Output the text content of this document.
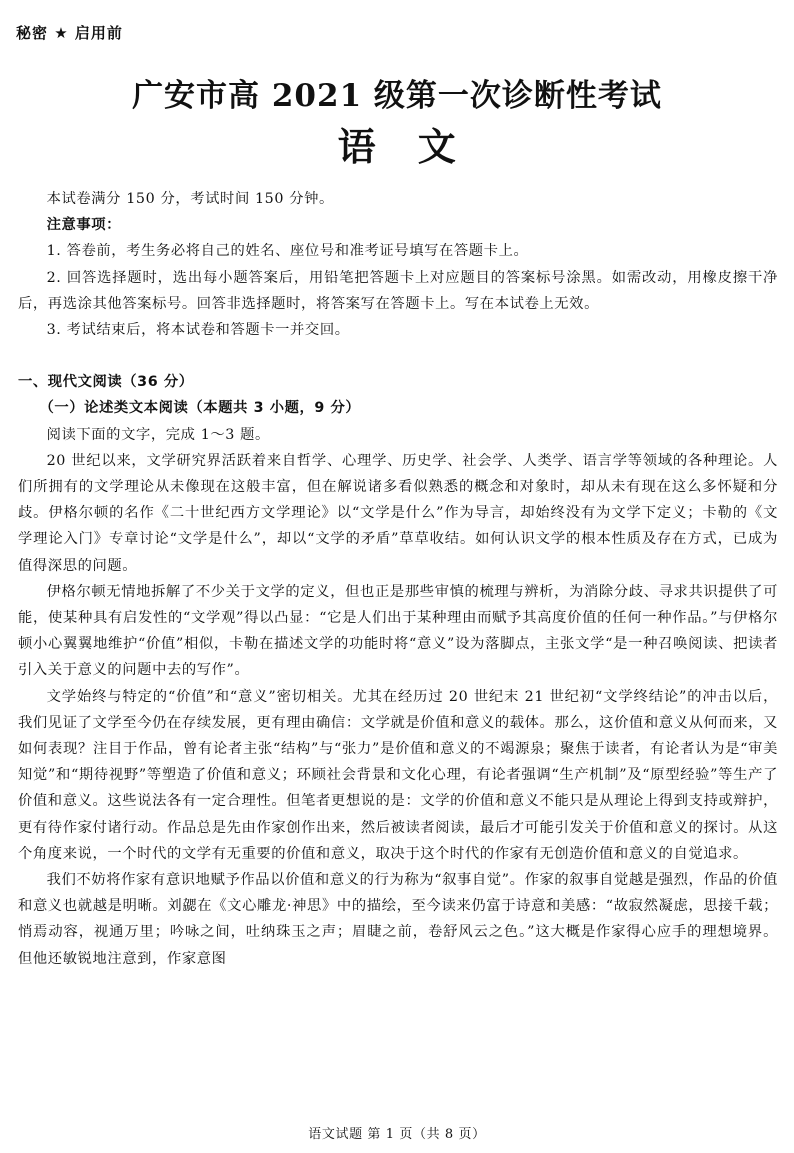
秘密 ★ 启用前
广安市高 2021 级第一次诊断性考试
语   文

本试卷满分 150 分，考试时间 150 分钟。

注意事项：

1. 答卷前，考生务必将自己的姓名、座位号和准考证号填写在答题卡上。

2. 回答选择题时，选出每小题答案后，用铅笔把答题卡上对应题目的答案标号涂黑。如需改动，用橡皮擦干净后，再选涂其他答案标号。回答非选择题时，将答案写在答题卡上。写在本试卷上无效。

3. 考试结束后，将本试卷和答题卡一并交回。

一、现代文阅读（36 分）

（一）论述类文本阅读（本题共 3 小题，9 分）

阅读下面的文字，完成 1～3 题。

20 世纪以来，文学研究界活跃着来自哲学、心理学、历史学、社会学、人类学、语言学等领域的各种理论。人们所拥有的文学理论从未像现在这般丰富，但在解说诸多看似熟悉的概念和对象时，却从未有现在这么多怀疑和分歧。伊格尔顿的名作《二十世纪西方文学理论》以“文学是什么”作为导言，却始终没有为文学下定义；卡勒的《文学理论入门》专章讨论“文学是什么”，却以“文学的矛盾”草草收结。如何认识文学的根本性质及存在方式，已成为值得深思的问题。

伊格尔顿无情地拆解了不少关于文学的定义，但也正是那些审慎的梳理与辨析，为消除分歧、寻求共识提供了可能，使某种具有启发性的“文学观”得以凸显：“它是人们出于某种理由而赋予其高度价值的任何一种作品。”与伊格尔顿小心翼翼地维护“价值”相似，卡勒在描述文学的功能时将“意义”设为落脚点，主张文学“是一种召唤阅读、把读者引入关于意义的问题中去的写作”。

文学始终与特定的“价值”和“意义”密切相关。尤其在经历过 20 世纪末 21 世纪初“文学终结论”的冲击以后，我们见证了文学至今仍在存续发展，更有理由确信：文学就是价值和意义的载体。那么，这价值和意义从何而来，又如何表现？注目于作品，曾有论者主张“结构”与“张力”是价值和意义的不竭源泉；聚焦于读者，有论者认为是“审美知觉”和“期待视野”等塑造了价值和意义；环顾社会背景和文化心理，有论者强调“生产机制”及“原型经验”等生产了价值和意义。这些说法各有一定合理性。但笔者更想说的是：文学的价值和意义不能只是从理论上得到支持或辩护，更有待作家付诸行动。作品总是先由作家创作出来，然后被读者阅读，最后才可能引发关于价值和意义的探讨。从这个角度来说，一个时代的文学有无重要的价值和意义，取决于这个时代的作家有无创造价值和意义的自觉追求。

我们不妨将作家有意识地赋予作品以价值和意义的行为称为“叙事自觉”。作家的叙事自觉越是强烈，作品的价值和意义也就越是明晰。刘勰在《文心雕龙·神思》中的描绘，至今读来仍富于诗意和美感：“故寂然凝虑，思接千载；悄焉动容，视通万里；吟咏之间，吐纳珠玉之声；眉睫之前，卷舒风云之色。”这大概是作家得心应手的理想境界。但他还敏锐地注意到，作家意图

语文试题 第 1 页（共 8 页）
